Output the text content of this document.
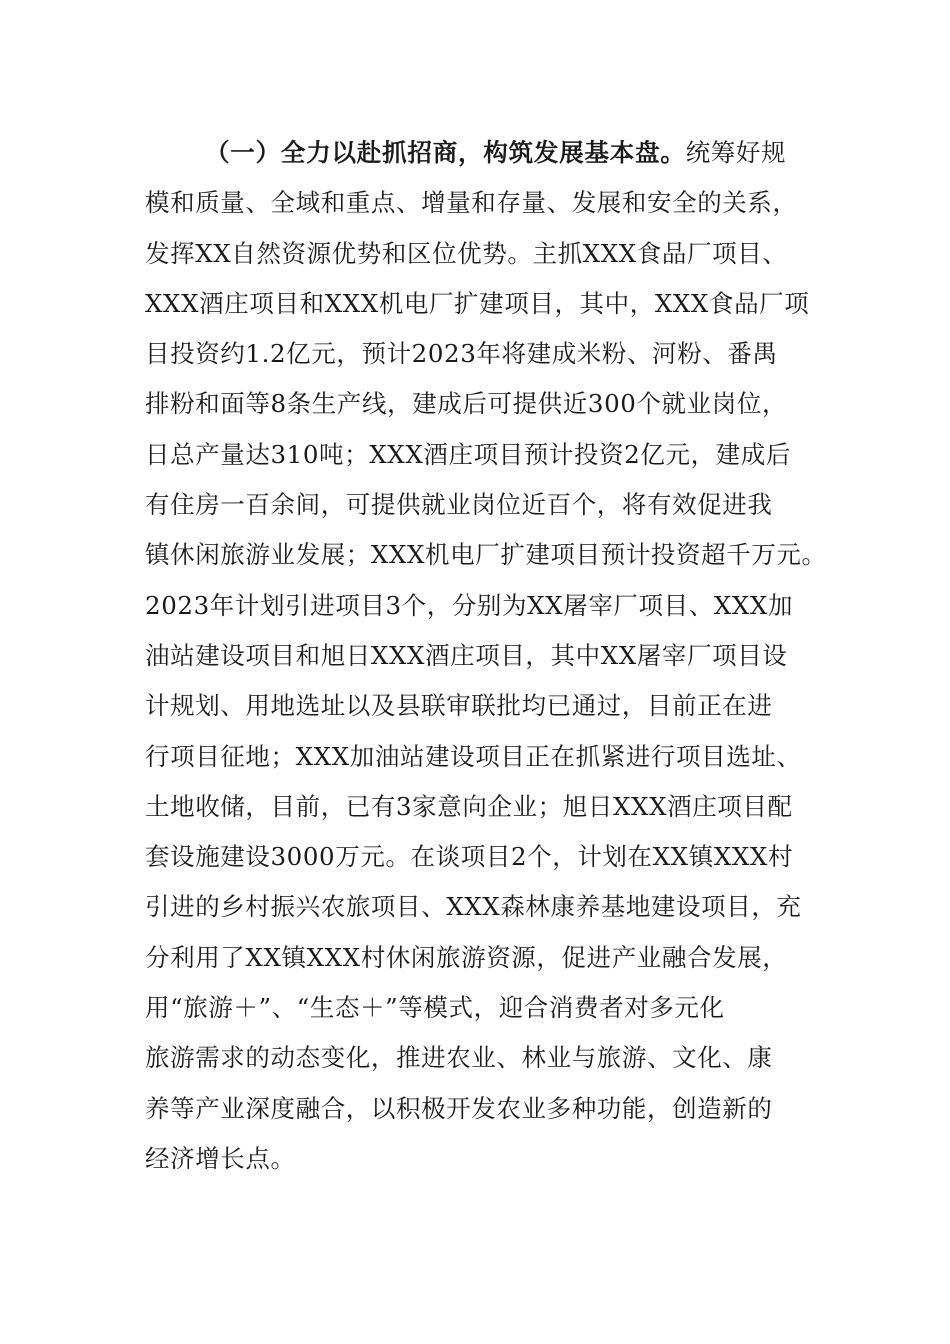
（一）全力以赴抓招商，构筑发展基本盘。统筹好规
模和质量、全域和重点、增量和存量、发展和安全的关系，
发挥XX自然资源优势和区位优势。主抓XXX食品厂项目、
XXX酒庄项目和XXX机电厂扩建项目，其中，XXX食品厂项
目投资约1.2亿元，预计2023年将建成米粉、河粉、番禺
排粉和面等8条生产线，建成后可提供近300个就业岗位，
日总产量达310吨；XXX酒庄项目预计投资2亿元，建成后
有住房一百余间，可提供就业岗位近百个，将有效促进我
镇休闲旅游业发展；XXX机电厂扩建项目预计投资超千万元。
2023年计划引进项目3个，分别为XX屠宰厂项目、XXX加
油站建设项目和旭日XXX酒庄项目，其中XX屠宰厂项目设
计规划、用地选址以及县联审联批均已通过，目前正在进
行项目征地；XXX加油站建设项目正在抓紧进行项目选址、
土地收储，目前，已有3家意向企业；旭日XXX酒庄项目配
套设施建设3000万元。在谈项目2个，计划在XX镇XXX村
引进的乡村振兴农旅项目、XXX森林康养基地建设项目，充
分利用了XX镇XXX村休闲旅游资源，促进产业融合发展，
用“旅游＋”、“生态＋”等模式，迎合消费者对多元化
旅游需求的动态变化，推进农业、林业与旅游、文化、康
养等产业深度融合，以积极开发农业多种功能，创造新的
经济增长点。
